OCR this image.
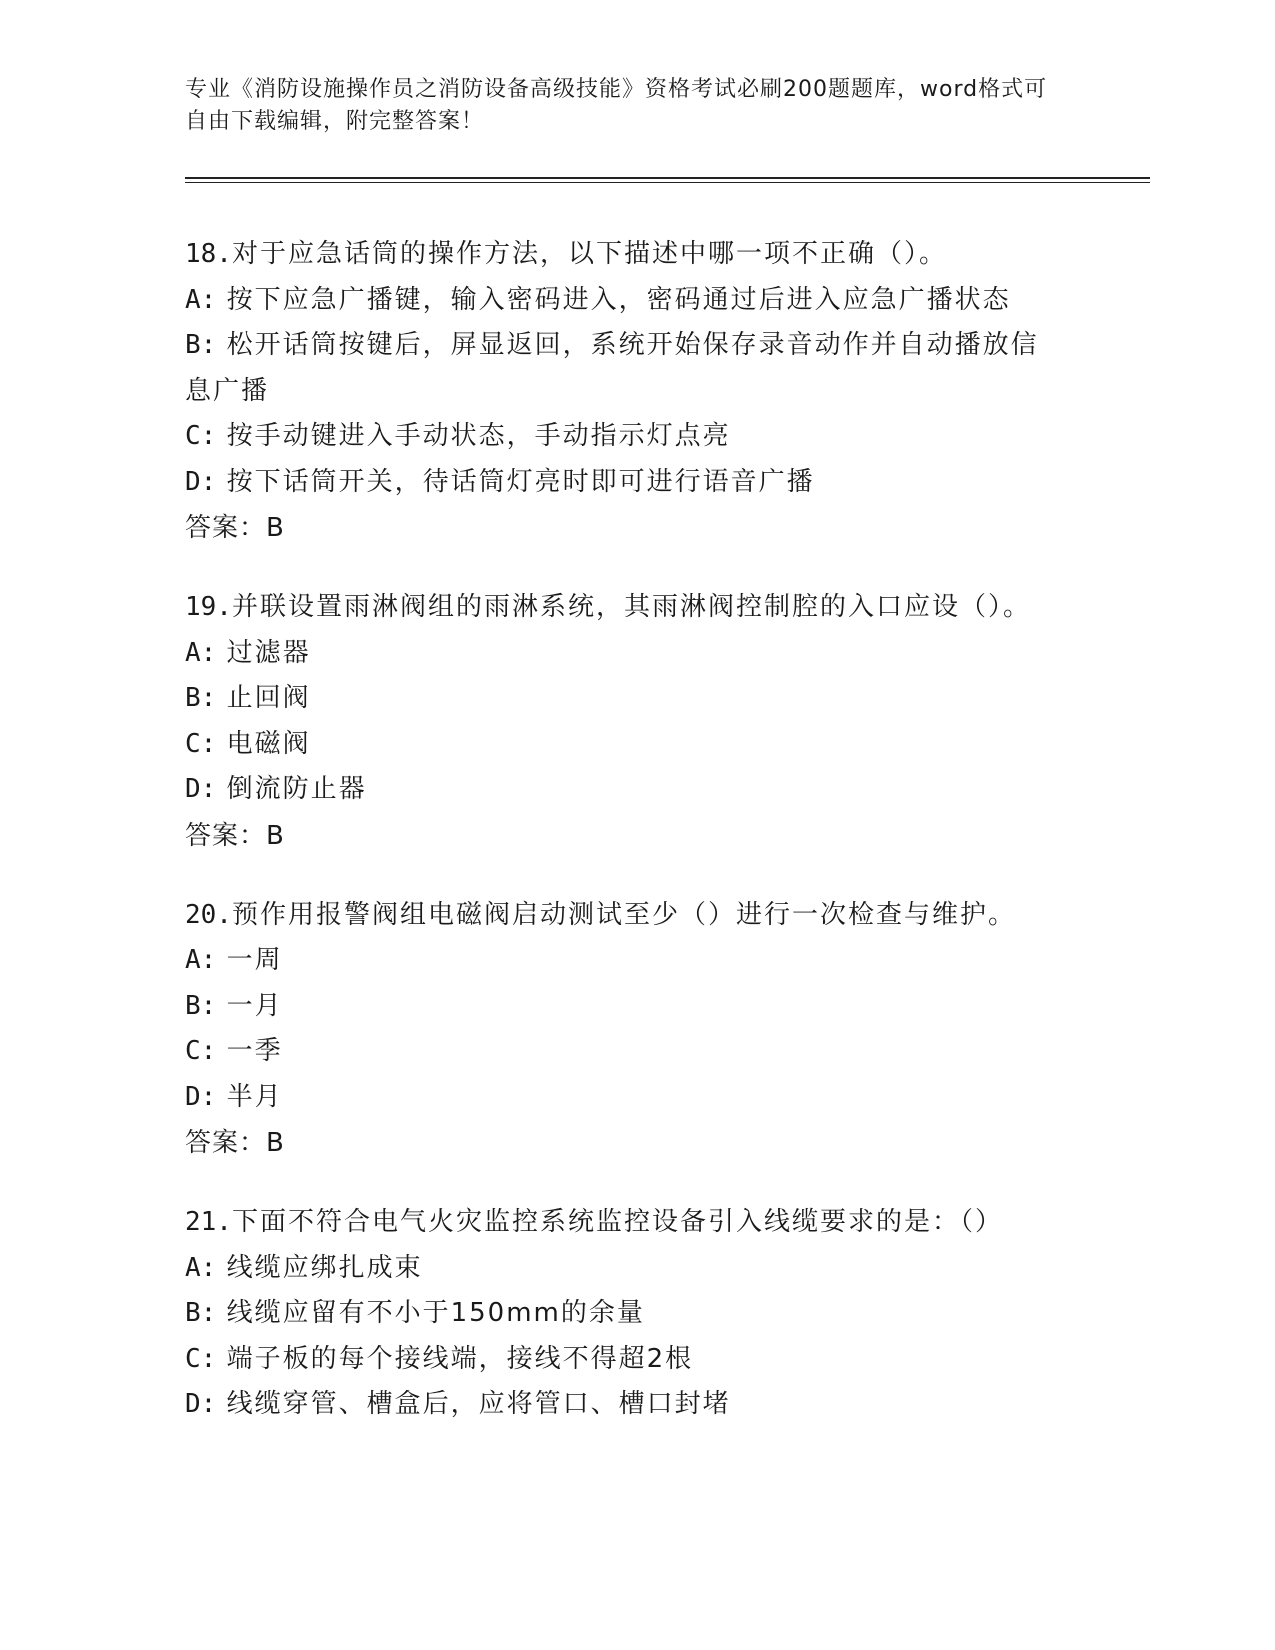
专业《消防设施操作员之消防设备高级技能》资格考试必刷200题题库，word格式可自由下载编辑，附完整答案！
18.对于应急话筒的操作方法，以下描述中哪一项不正确（）。
A: 按下应急广播键，输入密码进入，密码通过后进入应急广播状态
B: 松开话筒按键后，屏显返回，系统开始保存录音动作并自动播放信息广播
C: 按手动键进入手动状态，手动指示灯点亮
D: 按下话筒开关，待话筒灯亮时即可进行语音广播
答案：B
19.并联设置雨淋阀组的雨淋系统，其雨淋阀控制腔的入口应设（）。
A: 过滤器
B: 止回阀
C: 电磁阀
D: 倒流防止器
答案：B
20.预作用报警阀组电磁阀启动测试至少（）进行一次检查与维护。
A: 一周
B: 一月
C: 一季
D: 半月
答案：B
21.下面不符合电气火灾监控系统监控设备引入线缆要求的是：（）
A: 线缆应绑扎成束
B: 线缆应留有不小于150mm的余量
C: 端子板的每个接线端，接线不得超2根
D: 线缆穿管、槽盒后，应将管口、槽口封堵
